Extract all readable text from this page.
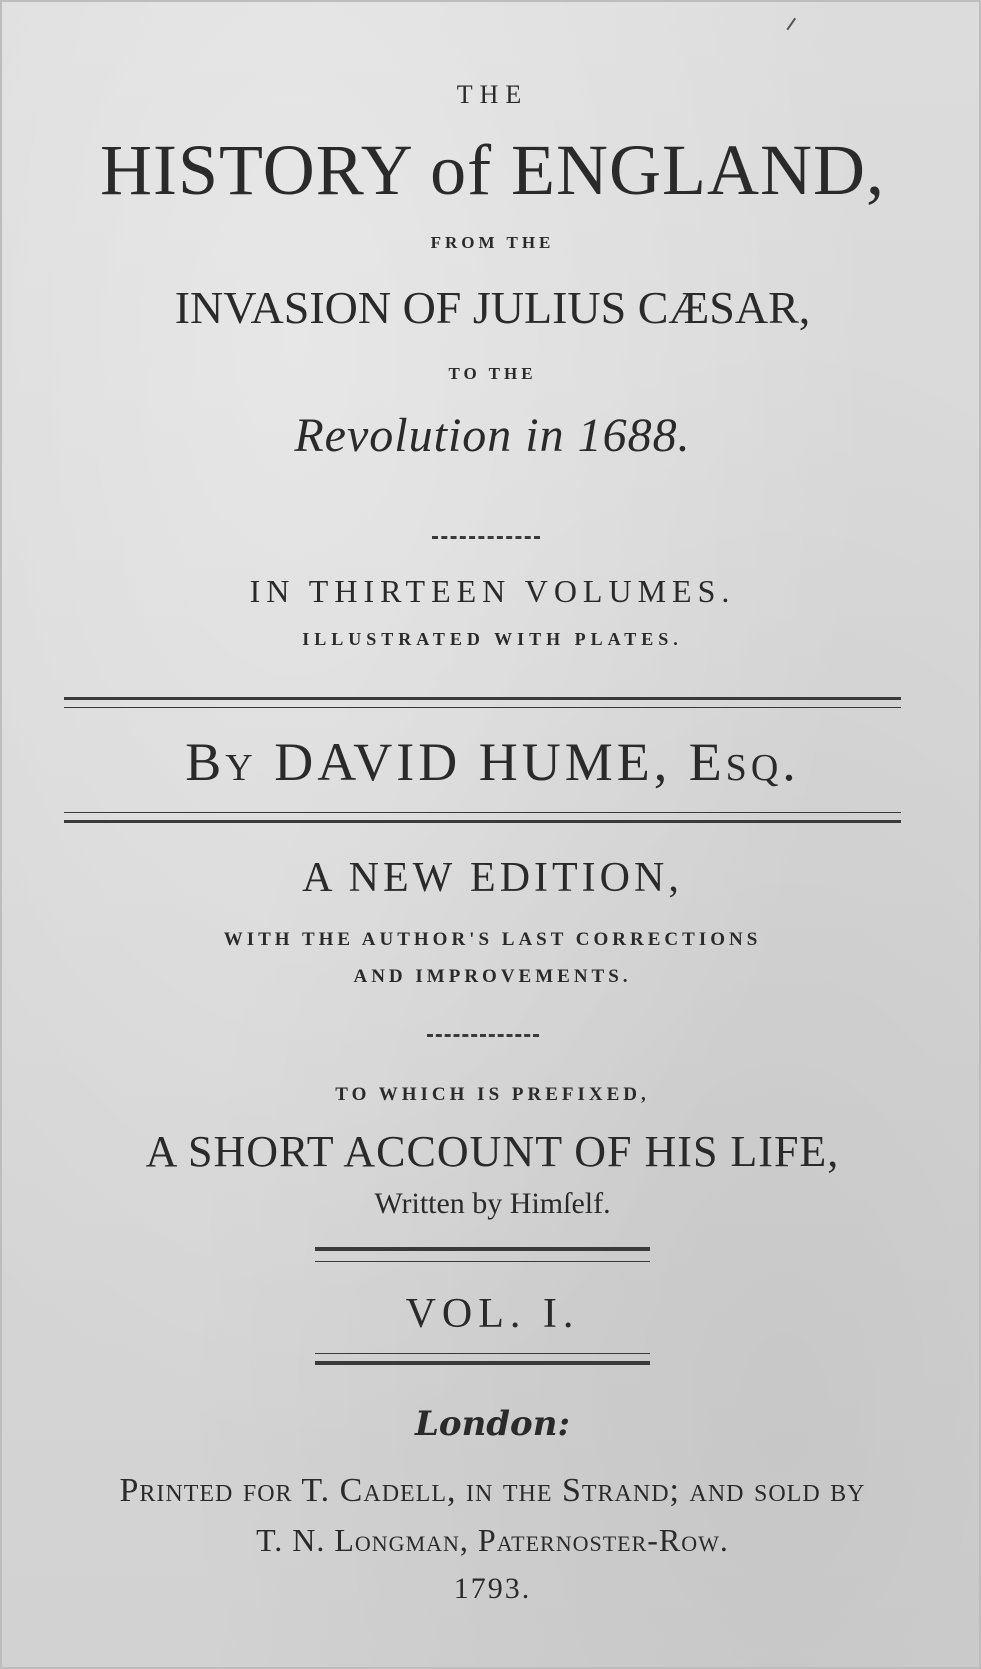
THE
HISTORY of ENGLAND,
FROM THE
INVASION OF JULIUS CÆSAR,
TO THE
Revolution in 1688.
IN THIRTEEN VOLUMES.
ILLUSTRATED WITH PLATES.
By DAVID HUME, Esq.
A NEW EDITION,
WITH THE AUTHOR'S LAST CORRECTIONS
AND IMPROVEMENTS.
TO WHICH IS PREFIXED,
A SHORT ACCOUNT OF HIS LIFE,
Written by Himſelf.
VOL. I.
London:
Printed for T. Cadell, in the Strand; and ſold by
T. N. Longman, Paternoſter-Row.
1793.
